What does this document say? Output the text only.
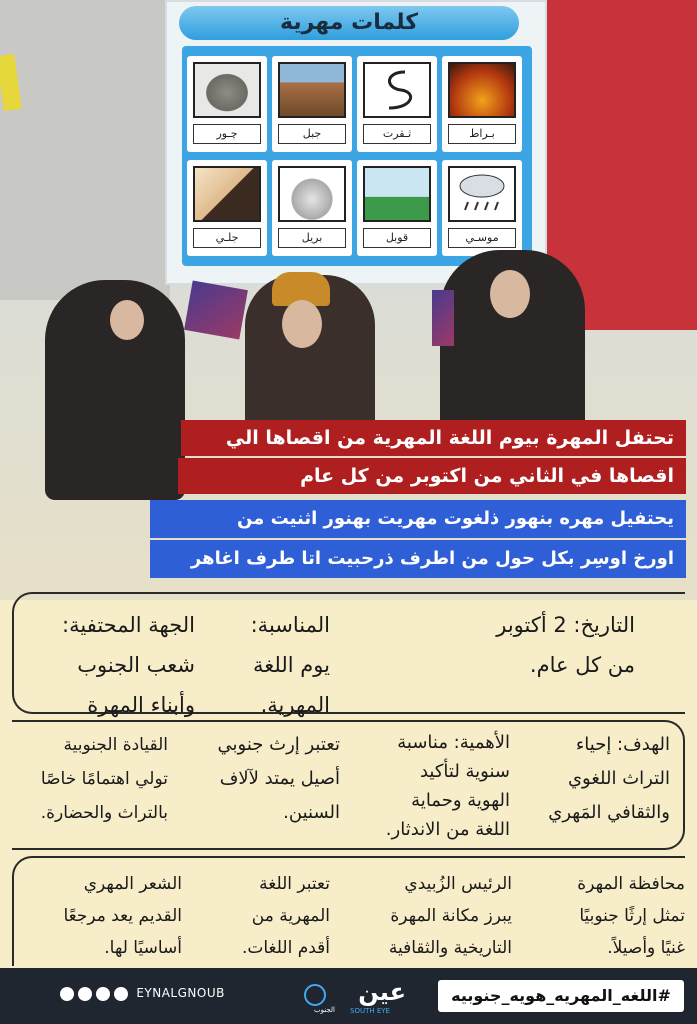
كلمات مهرية
بـراط
ثـقرت
جبل
چـور
موسـي
قوبل
بريل
جلـي
تحتفل المهرة بيوم اللغة المهرية من اقصاها الي
اقصاها في الثاني من اكتوبر من كل عام
يحتفيل مهره بنهور ذلغوت مهريت بهنور اثنيت من
اورخ اوسِر بكل حول من اطرف ذرحبيت اتا طرف اغاهر
التاريخ: 2 أكتوبر
من كل عام.
المناسبة:
يوم اللغة
المهرية.
الجهة المحتفية:
شعب الجنوب
وأبناء المهرة
الهدف: إحياء
التراث اللغوي
والثقافي المَهري
الأهمية: مناسبة
سنوية لتأكيد
الهوية وحماية
اللغة من الاندثار.
تعتبر إرث جنوبي
أصيل يمتد لآلاف
السنين.
القيادة الجنوبية
تولي اهتمامًا خاصًا
بالتراث والحضارة.
محافظة المهرة
تمثل إرثًا جنوبيًا
غنيًا وأصيلاً.
الرئيس الزُبيدي
يبرز مكانة المهرة
التاريخية والثقافية
تعتبر اللغة
المهرية من
أقدم اللغات.
الشعر المهري
القديم يعد مرجعًا
أساسيًا لها.
EYNALGNOUB	عين
الجنوب SOUTH EYE
#اللغه_المهريه_هويه_جنوبيه
